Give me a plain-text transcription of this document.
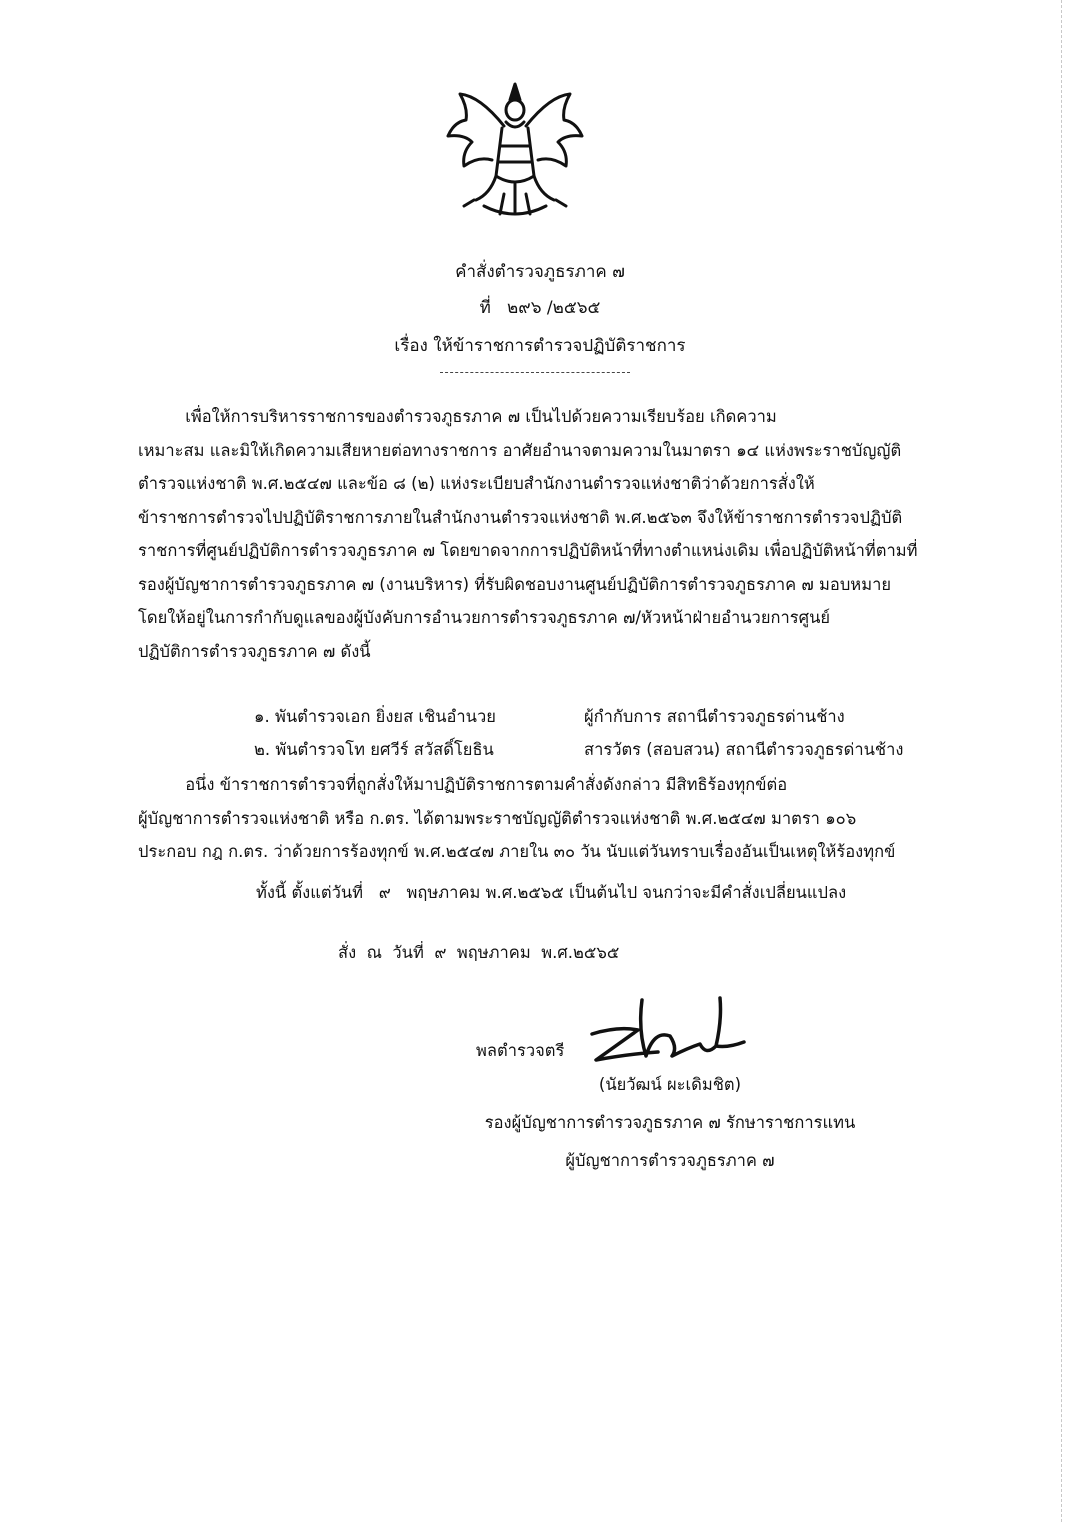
คำสั่งตำรวจภูธรภาค ๗
ที่   ๒๙๖ /๒๕๖๕
เรื่อง ให้ข้าราชการตำรวจปฏิบัติราชการ
เพื่อให้การบริหารราชการของตำรวจภูธรภาค ๗ เป็นไปด้วยความเรียบร้อย เกิดความ
เหมาะสม และมิให้เกิดความเสียหายต่อทางราชการ อาศัยอำนาจตามความในมาตรา ๑๔ แห่งพระราชบัญญัติ
ตำรวจแห่งชาติ พ.ศ.๒๕๔๗ และข้อ ๘ (๒) แห่งระเบียบสำนักงานตำรวจแห่งชาติว่าด้วยการสั่งให้
ข้าราชการตำรวจไปปฏิบัติราชการภายในสำนักงานตำรวจแห่งชาติ พ.ศ.๒๕๖๓ จึงให้ข้าราชการตำรวจปฏิบัติ
ราชการที่ศูนย์ปฏิบัติการตำรวจภูธรภาค ๗ โดยขาดจากการปฏิบัติหน้าที่ทางตำแหน่งเดิม เพื่อปฏิบัติหน้าที่ตามที่
รองผู้บัญชาการตำรวจภูธรภาค ๗ (งานบริหาร) ที่รับผิดชอบงานศูนย์ปฏิบัติการตำรวจภูธรภาค ๗ มอบหมาย
โดยให้อยู่ในการกำกับดูแลของผู้บังคับการอำนวยการตำรวจภูธรภาค ๗/หัวหน้าฝ่ายอำนวยการศูนย์
ปฏิบัติการตำรวจภูธรภาค ๗ ดังนี้
๑. พันตำรวจเอก ยิ่งยส เชินอำนวย	ผู้กำกับการ สถานีตำรวจภูธรด่านช้าง
๒. พันตำรวจโท ยศวีร์ สวัสดิ์โยธิน	สารวัตร (สอบสวน) สถานีตำรวจภูธรด่านช้าง
อนึ่ง ข้าราชการตำรวจที่ถูกสั่งให้มาปฏิบัติราชการตามคำสั่งดังกล่าว มีสิทธิร้องทุกข์ต่อ
ผู้บัญชาการตำรวจแห่งชาติ หรือ ก.ตร. ได้ตามพระราชบัญญัติตำรวจแห่งชาติ พ.ศ.๒๕๔๗ มาตรา ๑๐๖
ประกอบ กฎ ก.ตร. ว่าด้วยการร้องทุกข์ พ.ศ.๒๕๔๗ ภายใน ๓๐ วัน นับแต่วันทราบเรื่องอันเป็นเหตุให้ร้องทุกข์
ทั้งนี้ ตั้งแต่วันที่   ๙   พฤษภาคม พ.ศ.๒๕๖๕ เป็นต้นไป จนกว่าจะมีคำสั่งเปลี่ยนแปลง
สั่ง  ณ  วันที่  ๙  พฤษภาคม  พ.ศ.๒๕๖๕
พลตำรวจตรี
(นัยวัฒน์ ผะเดิมชิต)
รองผู้บัญชาการตำรวจภูธรภาค ๗ รักษาราชการแทน
ผู้บัญชาการตำรวจภูธรภาค ๗
